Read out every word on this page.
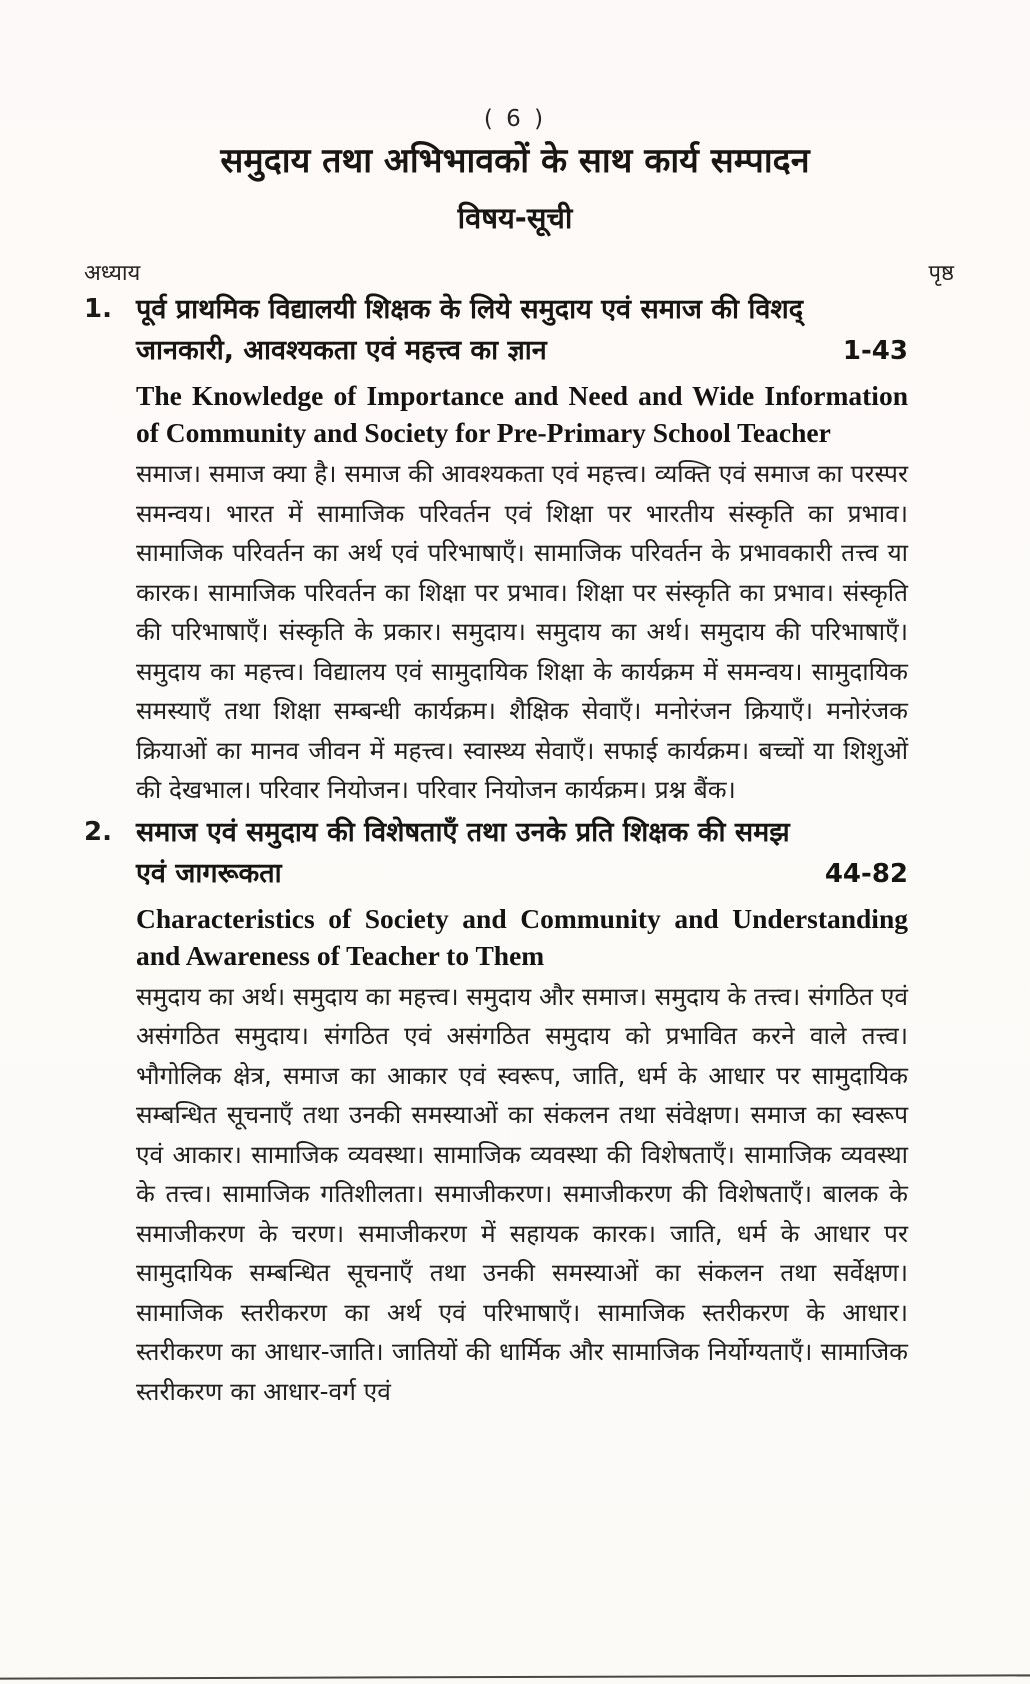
( 6 )
समुदाय तथा अभिभावकों के साथ कार्य सम्पादन
विषय-सूची
अध्याय	पृष्ठ
1. पूर्व प्राथमिक विद्यालयी शिक्षक के लिये समुदाय एवं समाज की विशद्
जानकारी, आवश्यकता एवं महत्त्व का ज्ञान	1-43
The Knowledge of Importance and Need and Wide Information of Community and Society for Pre-Primary School Teacher
समाज। समाज क्या है। समाज की आवश्यकता एवं महत्त्व। व्यक्ति एवं समाज का परस्पर समन्वय। भारत में सामाजिक परिवर्तन एवं शिक्षा पर भारतीय संस्कृति का प्रभाव। सामाजिक परिवर्तन का अर्थ एवं परिभाषाएँ। सामाजिक परिवर्तन के प्रभावकारी तत्त्व या कारक। सामाजिक परिवर्तन का शिक्षा पर प्रभाव। शिक्षा पर संस्कृति का प्रभाव। संस्कृति की परिभाषाएँ। संस्कृति के प्रकार। समुदाय। समुदाय का अर्थ। समुदाय की परिभाषाएँ। समुदाय का महत्त्व। विद्यालय एवं सामुदायिक शिक्षा के कार्यक्रम में समन्वय। सामुदायिक समस्याएँ तथा शिक्षा सम्बन्धी कार्यक्रम। शैक्षिक सेवाएँ। मनोरंजन क्रियाएँ। मनोरंजक क्रियाओं का मानव जीवन में महत्त्व। स्वास्थ्य सेवाएँ। सफाई कार्यक्रम। बच्चों या शिशुओं की देखभाल। परिवार नियोजन। परिवार नियोजन कार्यक्रम। प्रश्न बैंक।
2. समाज एवं समुदाय की विशेषताएँ तथा उनके प्रति शिक्षक की समझ
एवं जागरूकता	44-82
Characteristics of Society and Community and Understanding and Awareness of Teacher to Them
समुदाय का अर्थ। समुदाय का महत्त्व। समुदाय और समाज। समुदाय के तत्त्व। संगठित एवं असंगठित समुदाय। संगठित एवं असंगठित समुदाय को प्रभावित करने वाले तत्त्व। भौगोलिक क्षेत्र, समाज का आकार एवं स्वरूप, जाति, धर्म के आधार पर सामुदायिक सम्बन्धित सूचनाएँ तथा उनकी समस्याओं का संकलन तथा संवेक्षण। समाज का स्वरूप एवं आकार। सामाजिक व्यवस्था। सामाजिक व्यवस्था की विशेषताएँ। सामाजिक व्यवस्था के तत्त्व। सामाजिक गतिशीलता। समाजीकरण। समाजीकरण की विशेषताएँ। बालक के समाजीकरण के चरण। समाजीकरण में सहायक कारक। जाति, धर्म के आधार पर सामुदायिक सम्बन्धित सूचनाएँ तथा उनकी समस्याओं का संकलन तथा सर्वेक्षण। सामाजिक स्तरीकरण का अर्थ एवं परिभाषाएँ। सामाजिक स्तरीकरण के आधार। स्तरीकरण का आधार-जाति। जातियों की धार्मिक और सामाजिक निर्योग्यताएँ। सामाजिक स्तरीकरण का आधार-वर्ग एवं
